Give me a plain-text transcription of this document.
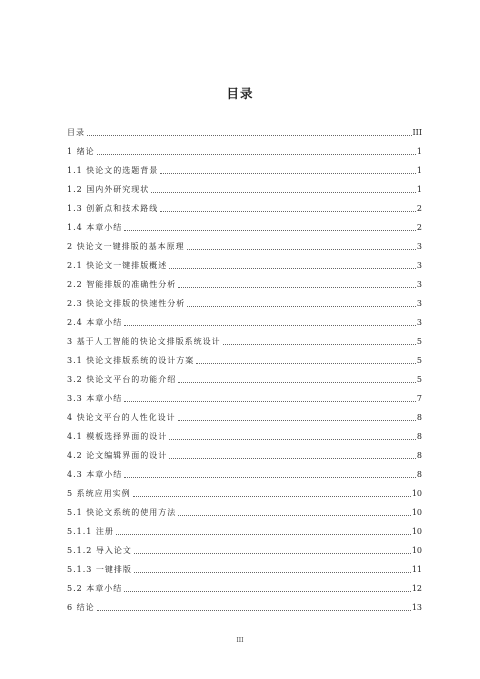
目录
目录	III
1 绪论	1
1.1 快论文的选题背景	1
1.2 国内外研究现状	1
1.3 创新点和技术路线	2
1.4 本章小结	2
2 快论文一键排版的基本原理	3
2.1 快论文一键排版概述	3
2.2 智能排版的准确性分析	3
2.3 快论文排版的快速性分析	3
2.4 本章小结	3
3 基于人工智能的快论文排版系统设计	5
3.1 快论文排版系统的设计方案	5
3.2 快论文平台的功能介绍	5
3.3 本章小结	7
4 快论文平台的人性化设计	8
4.1 模板选择界面的设计	8
4.2 论文编辑界面的设计	8
4.3 本章小结	8
5 系统应用实例	10
5.1 快论文系统的使用方法	10
5.1.1 注册	10
5.1.2 导入论文	10
5.1.3 一键排版	11
5.2 本章小结	12
6 结论	13
III
